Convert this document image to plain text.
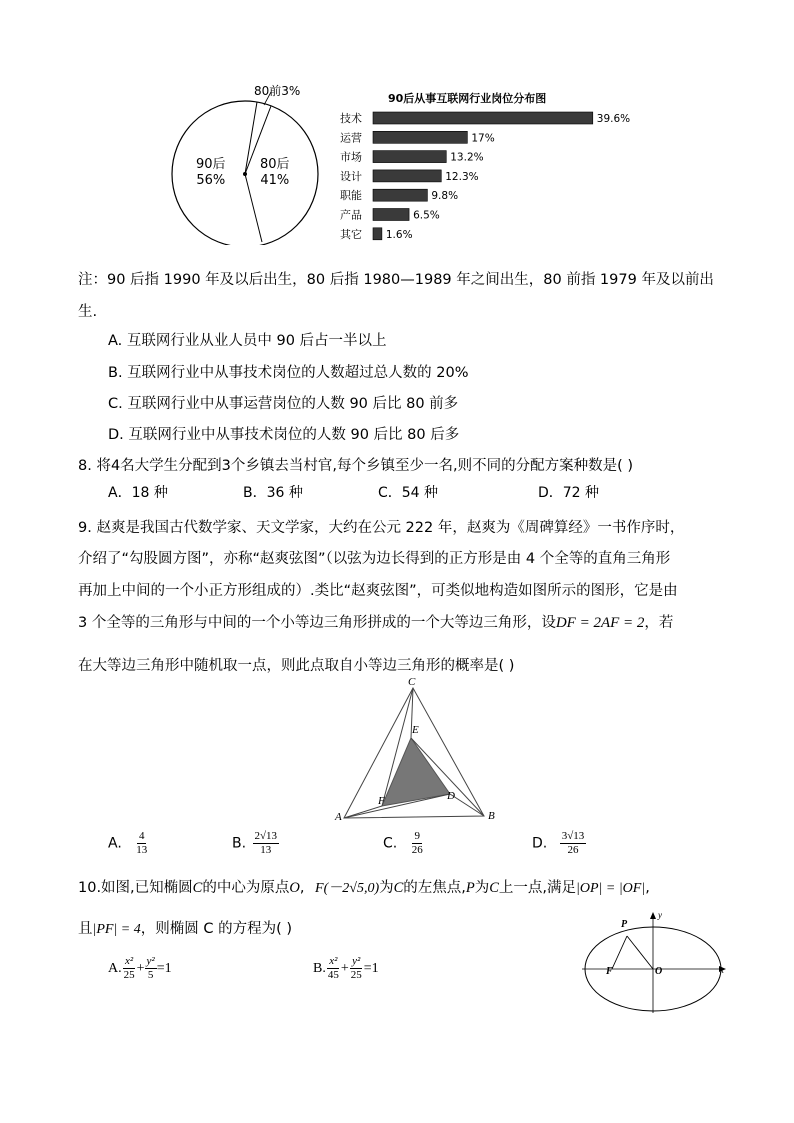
80前3%
80后
41%
90后
56%
90后从事互联网行业岗位分布图
技术	39.6%
运营	17%
市场	13.2%
设计	12.3%
职能	9.8%
产品	6.5%
其它 1.6%
注：90 后指 1990 年及以后出生，80 后指 1980—1989 年之间出生，80 前指 1979 年及以前出
生.
A. 互联网行业从业人员中 90 后占一半以上
B. 互联网行业中从事技术岗位的人数超过总人数的 20%
C. 互联网行业中从事运营岗位的人数 90 后比 80 前多
D. 互联网行业中从事技术岗位的人数 90 后比 80 后多
8. 将4名大学生分配到3个乡镇去当村官,每个乡镇至少一名,则不同的分配方案种数是( )
A．18 种	B．36 种	C．54 种	D．72 种
9. 赵爽是我国古代数学家、天文学家，大约在公元 222 年，赵爽为《周碑算经》一书作序时，
介绍了“勾股圆方图”，亦称“赵爽弦图”（以弦为边长得到的正方形是由 4 个全等的直角三角形
再加上中间的一个小正方形组成的）.类比“赵爽弦图”，可类似地构造如图所示的图形，它是由
3 个全等的三角形与中间的一个小等边三角形拼成的一个大等边三角形，设DF = 2AF = 2，若
在大等边三角形中随机取一点，则此点取自小等边三角形的概率是( )
C
E
F	D
A	B
A. $\frac{4}{13}$	B. $\frac{2√13}{13}$	C. $\frac{9}{26}$	D. $\frac{3√13}{26}$
10.如图,已知椭圆C的中心为原点O, F(－2√5,0)为C的左焦点,P为C上一点,满足|OP| = |OF|,
且|PF| = 4，则椭圆 C 的方程为( )
A. $\frac{\text{x²}}{25} + \frac{\text{y²}}{5} =1$	B. $\frac{\text{x²}}{45} + \frac{\text{y²}}{25} =1$
P
F	O	x
y
